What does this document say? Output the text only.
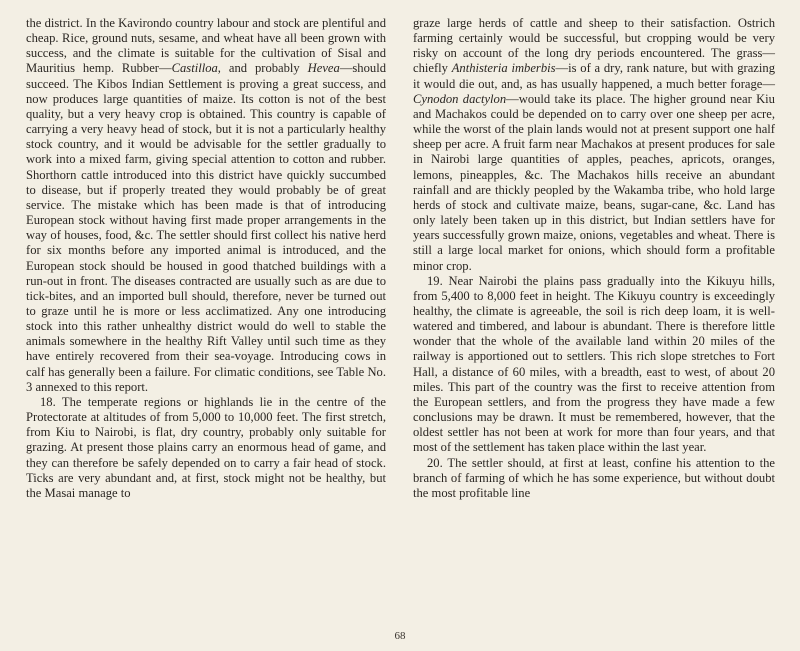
the district. In the Kavirondo country labour and stock are plentiful and cheap. Rice, ground nuts, sesame, and wheat have all been grown with success, and the climate is suitable for the cultivation of Sisal and Mauritius hemp. Rubber—Castilloa, and probably Hevea—should succeed. The Kibos Indian Settlement is proving a great success, and now produces large quantities of maize. Its cotton is not of the best quality, but a very heavy crop is obtained. This country is capable of carrying a very heavy head of stock, but it is not a particularly healthy stock country, and it would be advisable for the settler gradually to work into a mixed farm, giving special attention to cotton and rubber. Shorthorn cattle introduced into this district have quickly succumbed to disease, but if properly treated they would probably be of great service. The mistake which has been made is that of introducing European stock without having first made proper arrangements in the way of houses, food, &c. The settler should first collect his native herd for six months before any imported animal is introduced, and the European stock should be housed in good thatched buildings with a run-out in front. The diseases contracted are usually such as are due to tick-bites, and an imported bull should, therefore, never be turned out to graze until he is more or less acclimatized. Any one introducing stock into this rather unhealthy district would do well to stable the animals somewhere in the healthy Rift Valley until such time as they have entirely recovered from their sea-voyage. Introducing cows in calf has generally been a failure. For climatic conditions, see Table No. 3 annexed to this report.

18. The temperate regions or highlands lie in the centre of the Protectorate at altitudes of from 5,000 to 10,000 feet. The first stretch, from Kiu to Nairobi, is flat, dry country, probably only suitable for grazing. At present those plains carry an enormous head of game, and they can therefore be safely depended on to carry a fair head of stock. Ticks are very abundant and, at first, stock might not be healthy, but the Masai manage to

graze large herds of cattle and sheep to their satisfaction. Ostrich farming certainly would be successful, but cropping would be very risky on account of the long dry periods encountered. The grass—chiefly Anthisteria imberbis—is of a dry, rank nature, but with grazing it would die out, and, as has usually happened, a much better forage—Cynodon dactylon—would take its place. The higher ground near Kiu and Machakos could be depended on to carry over one sheep per acre, while the worst of the plain lands would not at present support one half sheep per acre. A fruit farm near Machakos at present produces for sale in Nairobi large quantities of apples, peaches, apricots, oranges, lemons, pineapples, &c. The Machakos hills receive an abundant rainfall and are thickly peopled by the Wakamba tribe, who hold large herds of stock and cultivate maize, beans, sugar-cane, &c. Land has only lately been taken up in this district, but Indian settlers have for years successfully grown maize, onions, vegetables and wheat. There is still a large local market for onions, which should form a profitable minor crop.

19. Near Nairobi the plains pass gradually into the Kikuyu hills, from 5,400 to 8,000 feet in height. The Kikuyu country is exceedingly healthy, the climate is agreeable, the soil is rich deep loam, it is well-watered and timbered, and labour is abundant. There is therefore little wonder that the whole of the available land within 20 miles of the railway is apportioned out to settlers. This rich slope stretches to Fort Hall, a distance of 60 miles, with a breadth, east to west, of about 20 miles. This part of the country was the first to receive attention from the European settlers, and from the progress they have made a few conclusions may be drawn. It must be remembered, however, that the oldest settler has not been at work for more than four years, and that most of the settlement has taken place within the last year.

20. The settler should, at first at least, confine his attention to the branch of farming of which he has some experience, but without doubt the most profitable line

68
